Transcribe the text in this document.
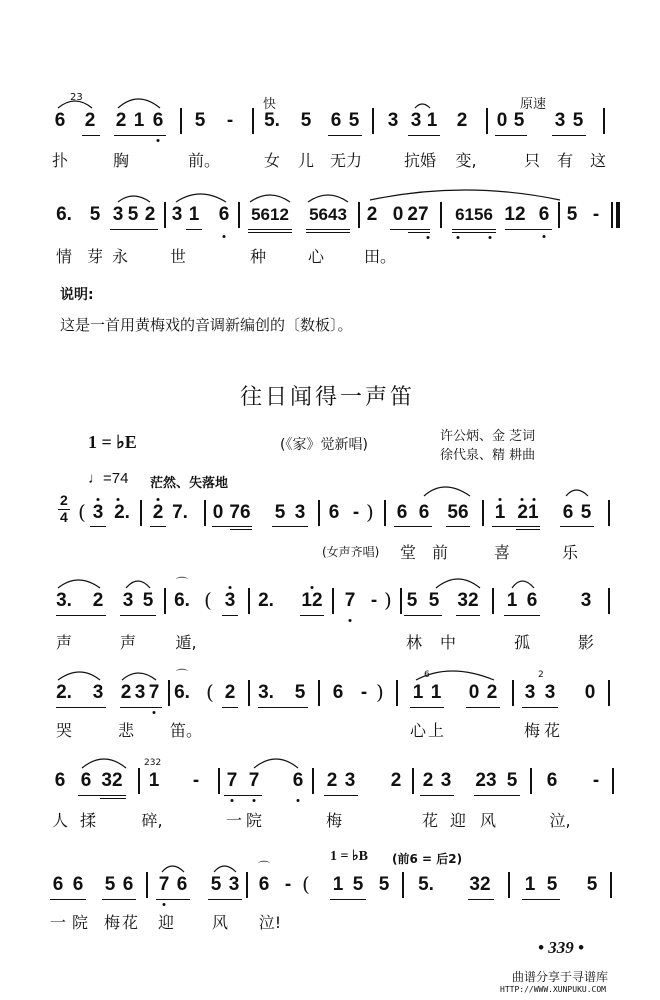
快	原速
23
6 2 2 1 6 5 - 5. 5 6 5 3 3 1 2 0 5 3 5
扑	胸	前。	女 儿 无力	抗婚 变,	只 有 这
6. 5 3 5 2 3 1 6 5612 5643 2 0 27 6156 12 6 5 -
情 芽 永	世	种	心 田。
说明:
这是一首用黄梅戏的音调新编创的〔数板〕。
往日闻得一声笛
1 = ♭E	(《家》觉新唱)
许公炳、金 芝词
徐代泉、精 耕曲
♩=74 茫然、失落地
2
4 ( 3 2. 2 7. 0 76 5 3 6 - ) 6 6 56 1 21 6 5
(女声齐唱) 堂 前	喜	乐
3. 2 3 5 6. ( 3 2. 12 7 - ) 5 5 32 1 6 3
⌒
声	声 遁,	林 中	孤	影
2. 3 2 3 7 6. ( 2 3. 5 6 - )
6
1 1 0 2
2
3 3 0
⌒
哭	悲 笛。	心 上	梅 花
6 6 32
232
1 - 7 7 6 2 3 2 2 3 23 5 6 -
人 揉	碎,	一 院	梅	花 迎 风	泣,
1 = ♭B (前6 = 后2)
6 6 5 6 7 6 5 3 6 - ( 1 5 5 5. 32 1 5 5
⌒
一 院 梅 花 迎 风 泣!
• 339 •
曲谱分享于寻谱库
HTTP://WWW.XUNPUKU.COM
